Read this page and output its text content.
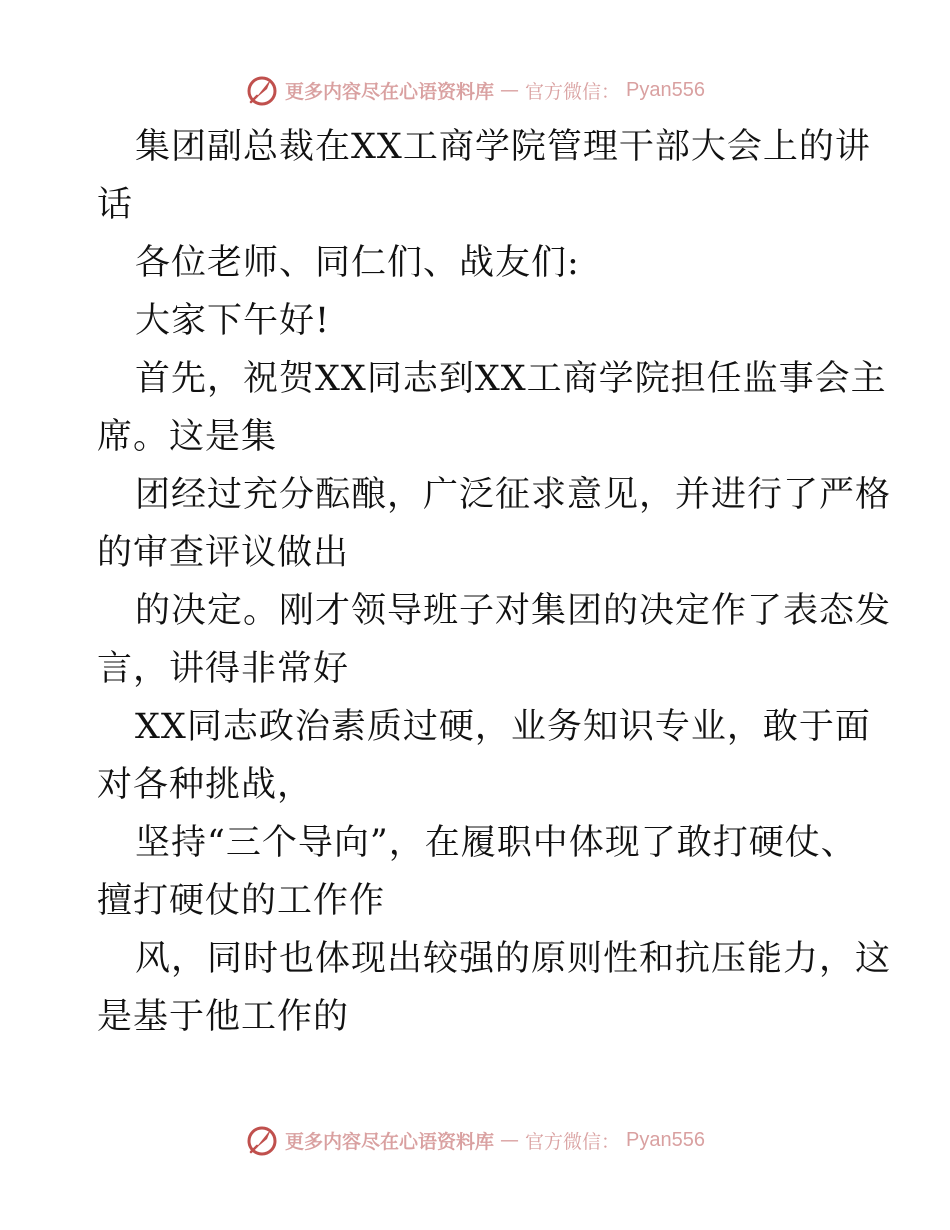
更多内容尽在心语资料库 — 官方微信： Pyan556
集团副总裁在XX工商学院管理干部大会上的讲
话
各位老师、同仁们、战友们:
大家下午好!
首先，祝贺XX同志到XX工商学院担任监事会主
席。这是集
团经过充分酝酿，广泛征求意见，并进行了严格
的审查评议做出
的决定。刚才领导班子对集团的决定作了表态发
言，讲得非常好
XX同志政治素质过硬，业务知识专业，敢于面
对各种挑战，
坚持“三个导向”，在履职中体现了敢打硬仗、
擅打硬仗的工作作
风，同时也体现出较强的原则性和抗压能力，这
是基于他工作的
更多内容尽在心语资料库 — 官方微信： Pyan556
